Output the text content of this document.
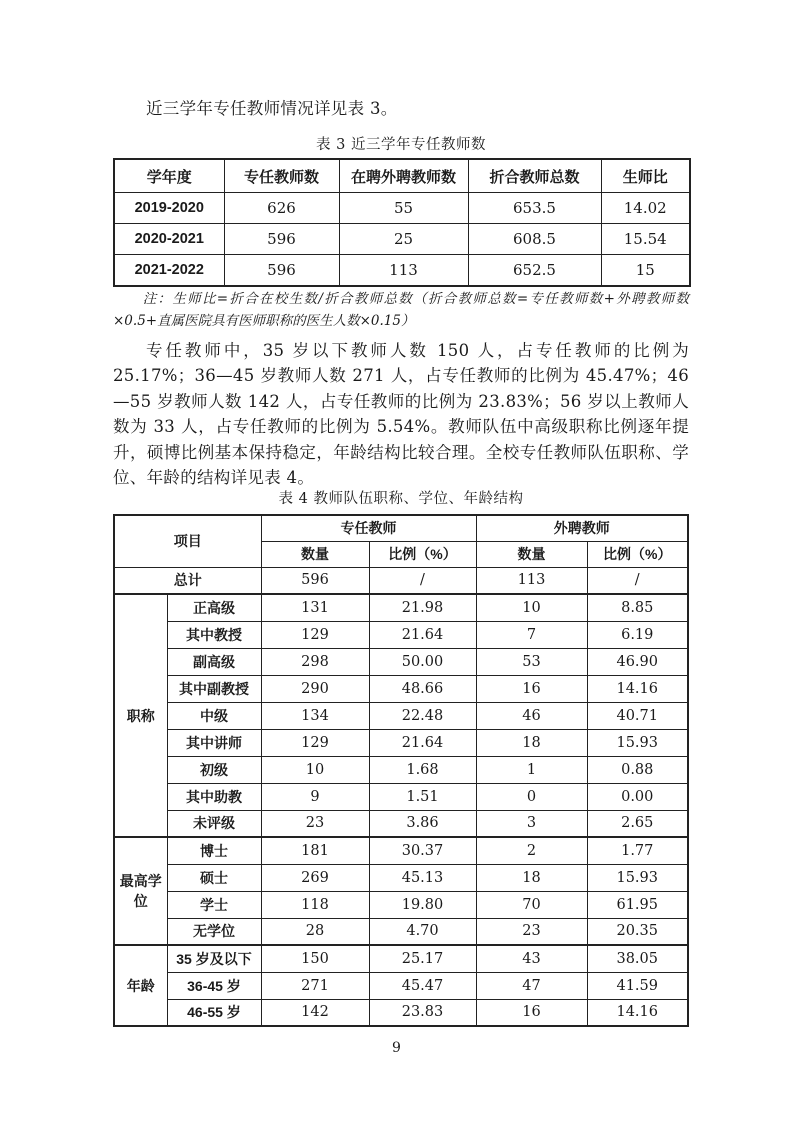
近三学年专任教师情况详见表 3。
表 3 近三学年专任教师数
学年度	专任教师数	在聘外聘教师数	折合教师总数	生师比
2019-2020	626	55	653.5	14.02
2020-2021	596	25	608.5	15.54
2021-2022	596	113	652.5	15
注：生师比=折合在校生数/折合教师总数（折合教师总数=专任教师数+外聘教师数×0.5+直属医院具有医师职称的医生人数×0.15）
专任教师中，35 岁以下教师人数 150 人，占专任教师的比例为 25.17%；36—45 岁教师人数 271 人，占专任教师的比例为 45.47%；46—55 岁教师人数 142 人，占专任教师的比例为 23.83%；56 岁以上教师人数为 33 人，占专任教师的比例为 5.54%。教师队伍中高级职称比例逐年提升，硕博比例基本保持稳定，年龄结构比较合理。全校专任教师队伍职称、学位、年龄的结构详见表 4。
表 4 教师队伍职称、学位、年龄结构
项目		专任教师		外聘教师	
		数量	比例（%）	数量	比例（%）
总计		596	/	113	/
职称	正高级	131	21.98	10	8.85
	其中教授	129	21.64	7	6.19
	副高级	298	50.00	53	46.90
	其中副教授	290	48.66	16	14.16
	中级	134	22.48	46	40.71
	其中讲师	129	21.64	18	15.93
	初级	10	1.68	1	0.88
	其中助教	9	1.51	0	0.00
	未评级	23	3.86	3	2.65
最高学位	博士	181	30.37	2	1.77
	硕士	269	45.13	18	15.93
	学士	118	19.80	70	61.95
	无学位	28	4.70	23	20.35
年龄	35 岁及以下	150	25.17	43	38.05
	36-45 岁	271	45.47	47	41.59
	46-55 岁	142	23.83	16	14.16
9
